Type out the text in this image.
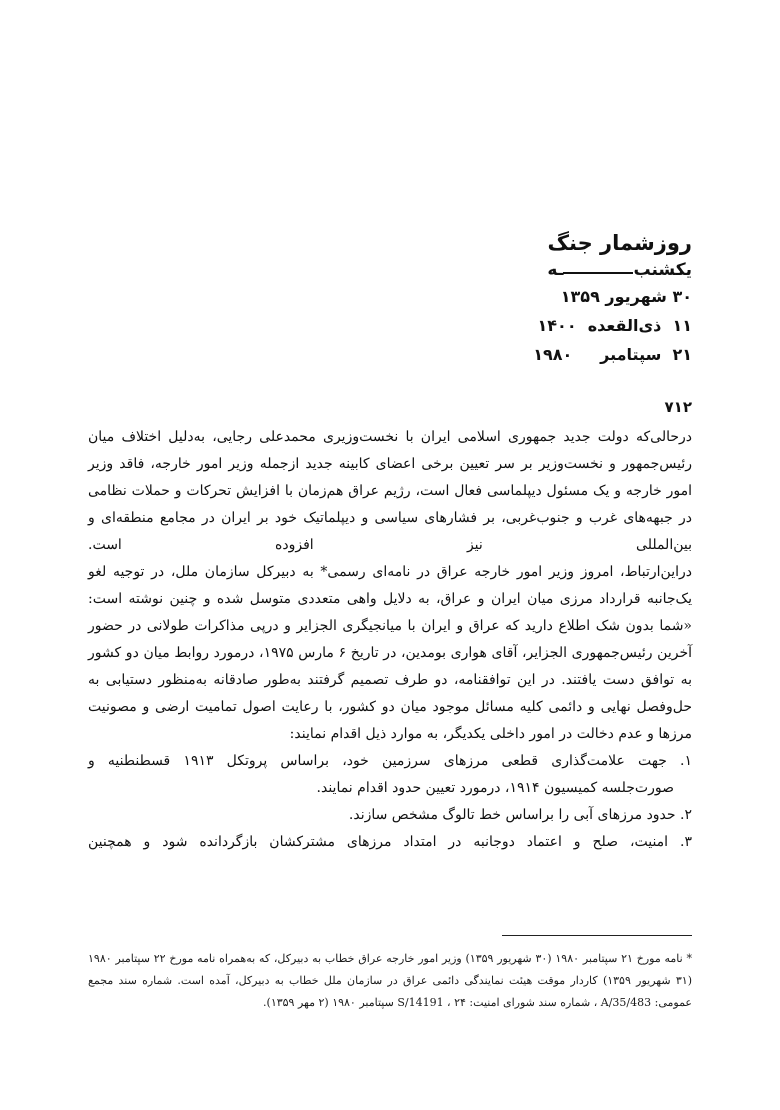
روزشمار جنگ

یکشنب
ـه

۳۰ شهریور ۱۳۵۹

۱۱  ذی‌القعده  ۱۴۰۰

۲۱  سپتامبر     ۱۹۸۰

۷۱۲

درحالی‌که دولت جدید جمهوری اسلامی ایران با نخست‌وزیری محمدعلی رجایی، به‌دلیل اختلاف میان رئیس‌جمهور و نخست‌وزیر بر سر تعیین برخی اعضای کابینه جدید ازجمله وزیر امور خارجه، فاقد وزیر امور خارجه و یک مسئول دیپلماسی فعال است، رژیم عراق هم‌زمان با افزایش تحرکات و حملات نظامی در جبهه‌های غرب و جنوب‌غربی، بر فشارهای سیاسی و دیپلماتیک خود بر ایران در مجامع منطقه‌ای و بین‌المللی نیز افزوده است.

دراین‌ارتباط، امروز وزیر امور خارجه عراق در نامه‌ای رسمی* به دبیرکل سازمان ملل، در توجیه لغو یک‌جانبه قرارداد مرزی میان ایران و عراق، به دلایل واهی متعددی متوسل شده و چنین نوشته است: «شما بدون شک اطلاع دارید که عراق و ایران با میانجیگری الجزایر و درپی مذاکرات طولانی در حضور آخرین رئیس‌جمهوری الجزایر، آقای هواری بومدین، در تاریخ ۶ مارس ۱۹۷۵، درمورد روابط میان دو کشور به توافق دست یافتند. در این توافقنامه، دو طرف تصمیم گرفتند به‌طور صادقانه به‌منظور دستیابی به حل‌وفصل نهایی و دائمی کلیه مسائل موجود میان دو کشور، با رعایت اصول تمامیت ارضی و مصونیت مرزها و عدم دخالت در امور داخلی یکدیگر، به موارد ذیل اقدام نمایند:

۱. جهت علامت‌گذاری قطعی مرزهای سرزمین خود، براساس پروتکل ۱۹۱۳ قسطنطنیه و
صورت‌جلسه کمیسیون ۱۹۱۴، درمورد تعیین حدود اقدام نمایند.

۲. حدود مرزهای آبی را براساس خط تالوگ مشخص سازند.

۳. امنیت، صلح و اعتماد دوجانبه در امتداد مرزهای مشترکشان بازگردانده شود و همچنین

* نامه مورخ ۲۱ سپتامبر ۱۹۸۰ (۳۰ شهریور ۱۳۵۹) وزیر امور خارجه عراق خطاب به دبیرکل، که به‌همراه نامه مورخ ۲۲ سپتامبر ۱۹۸۰ (۳۱ شهریور ۱۳۵۹) کاردار موقت هیئت نمایندگی دائمی عراق در سازمان ملل خطاب به دبیرکل، آمده است. شماره سند مجمع عمومی: A/35/483 ، شماره سند شورای امنیت: S/14191 ، ۲۴ سپتامبر ۱۹۸۰ (۲ مهر ۱۳۵۹).
